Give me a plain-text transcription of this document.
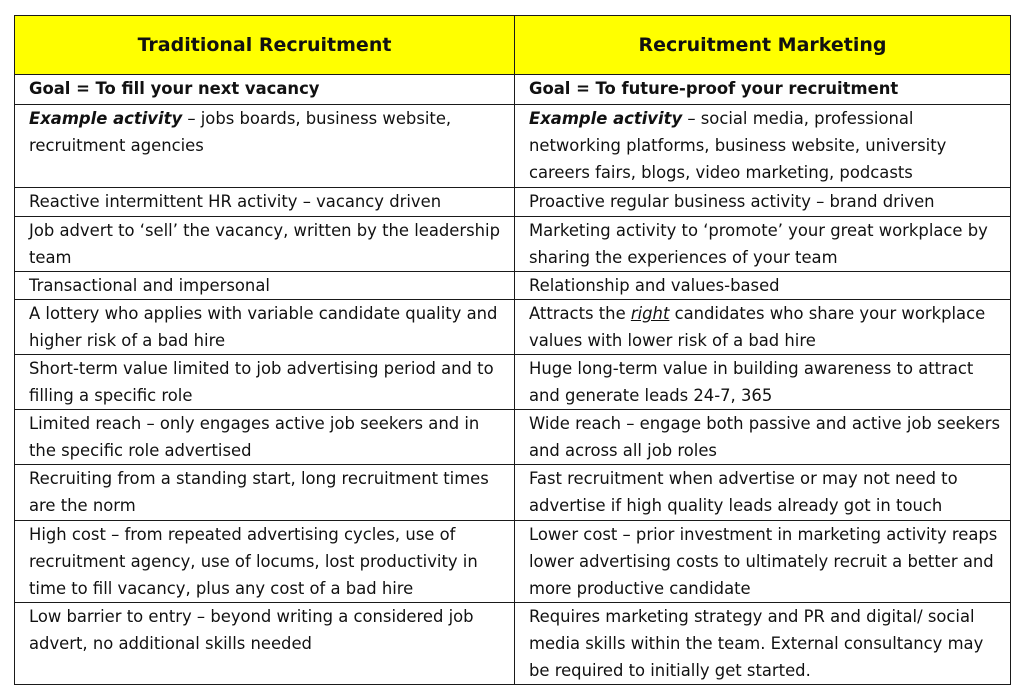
Traditional Recruitment	Recruitment Marketing
Goal = To fill your next vacancy	Goal = To future-proof your recruitment
Example activity – jobs boards, business website, recruitment agencies	Example activity – social media, professional networking platforms, business website, university careers fairs, blogs, video marketing, podcasts
Reactive intermittent HR activity – vacancy driven	Proactive regular business activity – brand driven
Job advert to ‘sell’ the vacancy, written by the leadership team	Marketing activity to ‘promote’ your great workplace by sharing the experiences of your team
Transactional and impersonal	Relationship and values-based
A lottery who applies with variable candidate quality and higher risk of a bad hire	Attracts the right candidates who share your workplace values with lower risk of a bad hire
Short-term value limited to job advertising period and to filling a specific role	Huge long-term value in building awareness to attract and generate leads 24-7, 365
Limited reach – only engages active job seekers and in the specific role advertised	Wide reach – engage both passive and active job seekers and across all job roles
Recruiting from a standing start, long recruitment times are the norm	Fast recruitment when advertise or may not need to advertise if high quality leads already got in touch
High cost – from repeated advertising cycles, use of recruitment agency, use of locums, lost productivity in time to fill vacancy, plus any cost of a bad hire	Lower cost – prior investment in marketing activity reaps lower advertising costs to ultimately recruit a better and more productive candidate
Low barrier to entry – beyond writing a considered job advert, no additional skills needed	Requires marketing strategy and PR and digital/ social media skills within the team. External consultancy may be required to initially get started.
